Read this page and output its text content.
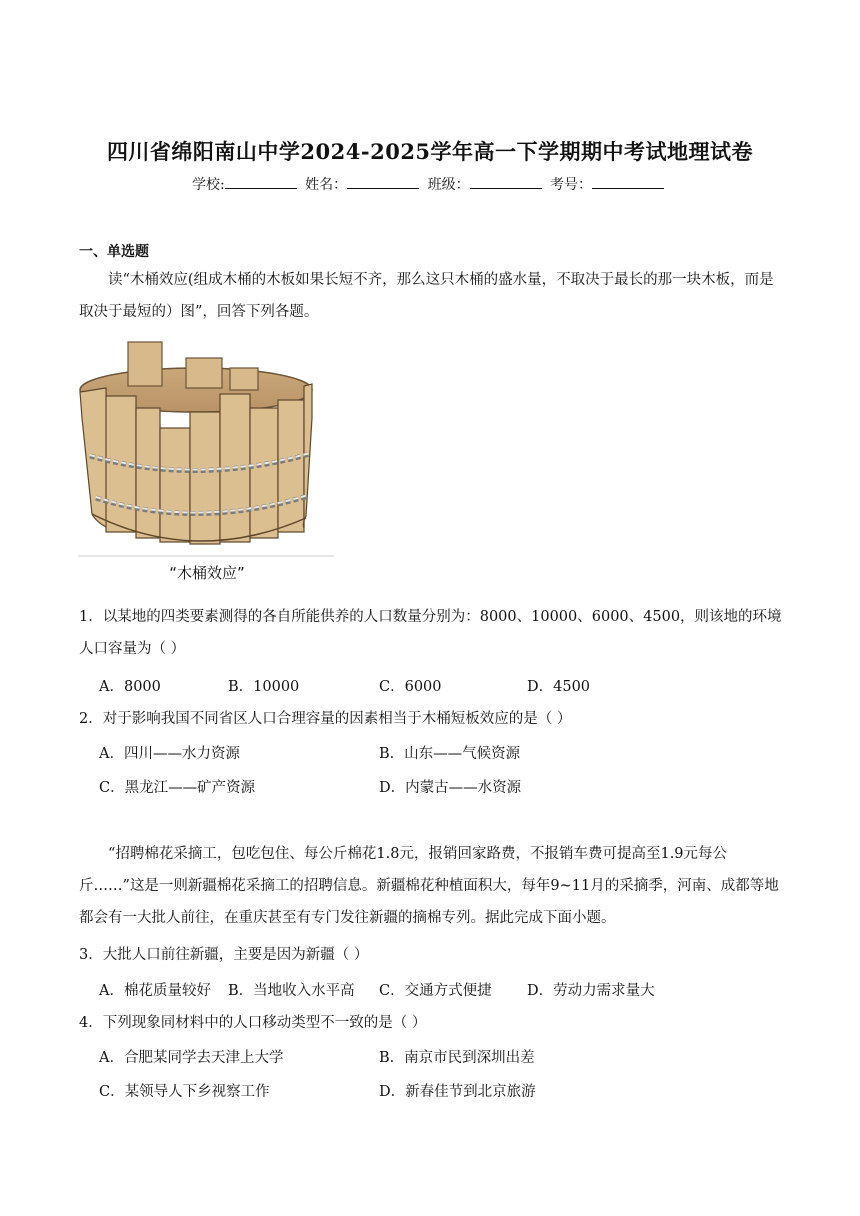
四川省绵阳南山中学2024-2025学年高一下学期期中考试地理试卷
学校:	姓名：	班级：	考号：
一、单选题
读“木桶效应(组成木桶的木板如果长短不齐，那么这只木桶的盛水量，不取决于最长的那一块木板，而是取决于最短的）图”，回答下列各题。
“木桶效应”
1．以某地的四类要素测得的各自所能供养的人口数量分别为：8000、10000、6000、4500，则该地的环境人口容量为（ ）
A．8000	B．10000	C．6000	D．4500
2．对于影响我国不同省区人口合理容量的因素相当于木桶短板效应的是（ ）
A．四川——水力资源	B．山东——气候资源
C．黑龙江——矿产资源	D．内蒙古——水资源
“招聘棉花采摘工，包吃包住、每公斤棉花1.8元，报销回家路费，不报销车费可提高至1.9元每公斤……”这是一则新疆棉花采摘工的招聘信息。新疆棉花种植面积大，每年9~11月的采摘季，河南、成都等地都会有一大批人前往，在重庆甚至有专门发往新疆的摘棉专列。据此完成下面小题。
3．大批人口前往新疆，主要是因为新疆（ ）
A．棉花质量较好 B．当地收入水平高 C．交通方式便捷 D．劳动力需求量大
4．下列现象同材料中的人口移动类型不一致的是（ ）
A．合肥某同学去天津上大学	B．南京市民到深圳出差
C．某领导人下乡视察工作	D．新春佳节到北京旅游
